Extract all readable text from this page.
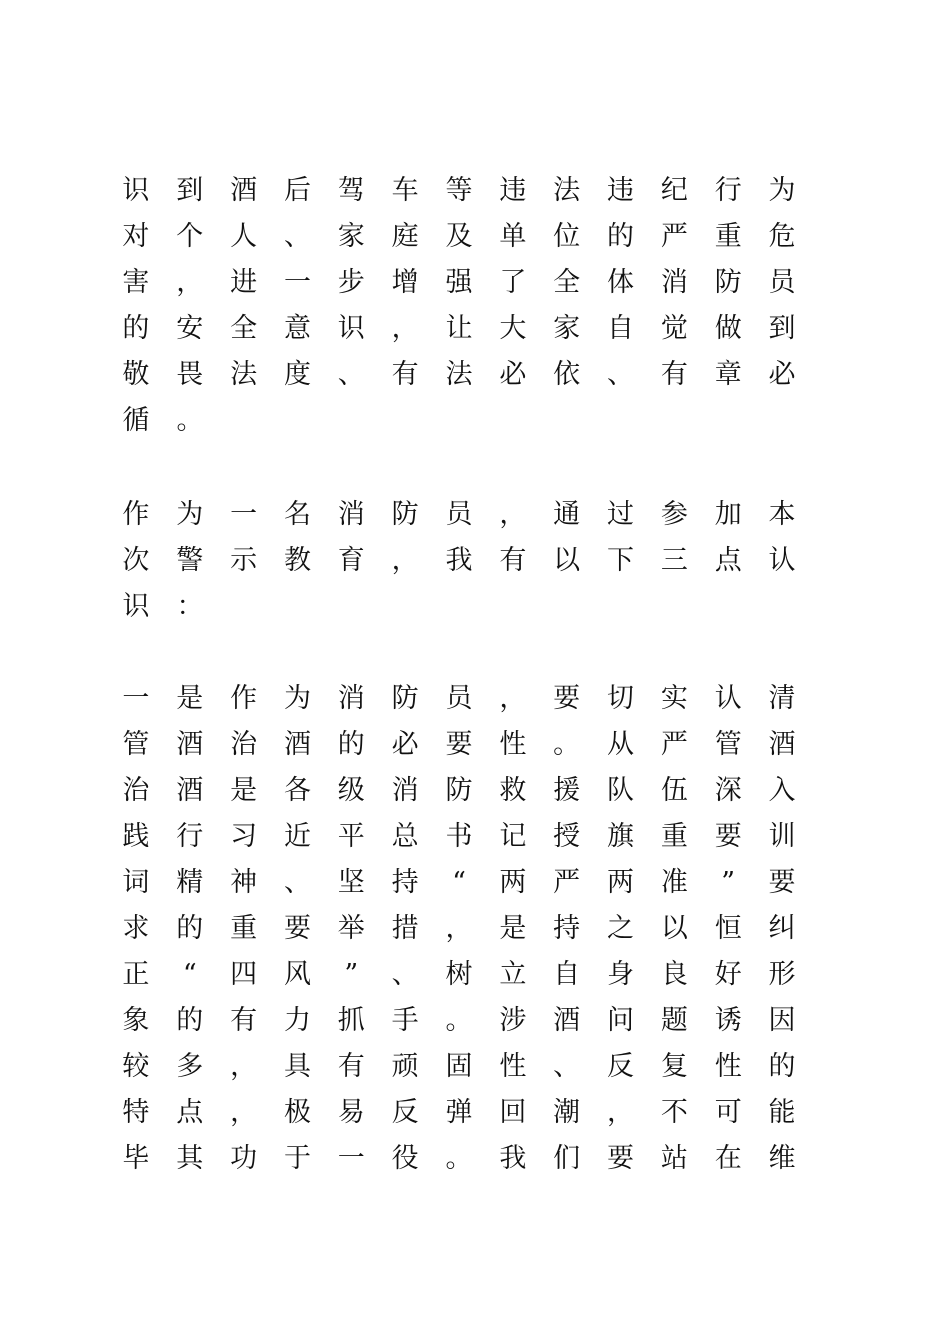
识 到 酒 后 驾 车 等 违 法 违 纪 行 为
对 个 人 、 家 庭 及 单 位 的 严 重 危
害 ， 进 一 步 增 强 了 全 体 消 防 员
的 安 全 意 识 ， 让 大 家 自 觉 做 到
敬 畏 法 度 、 有 法 必 依 、 有 章 必
循	。
作 为 一 名 消 防 员 ， 通 过 参 加 本
次 警 示 教 育 ， 我 有 以 下 三 点 认
识	：
一 是 作 为 消 防 员 ， 要 切 实 认 清
管 酒 治 酒 的 必 要 性 。 从 严 管 酒
治 酒 是 各 级 消 防 救 援 队 伍 深 入
践 行 习 近 平 总 书 记 授 旗 重 要 训
词 精 神 、 坚 持	“	两 严 两 准	”	要
求 的 重 要 举 措 ， 是 持 之 以 恒 纠
正	“	四 风	”	、 树 立 自 身 良 好 形
象 的 有 力 抓 手 。 涉 酒 问 题 诱 因
较 多 ， 具 有 顽 固 性 、 反 复 性 的
特 点 ， 极 易 反 弹 回 潮 ， 不 可 能
毕 其 功 于 一 役 。 我 们 要 站 在 维
